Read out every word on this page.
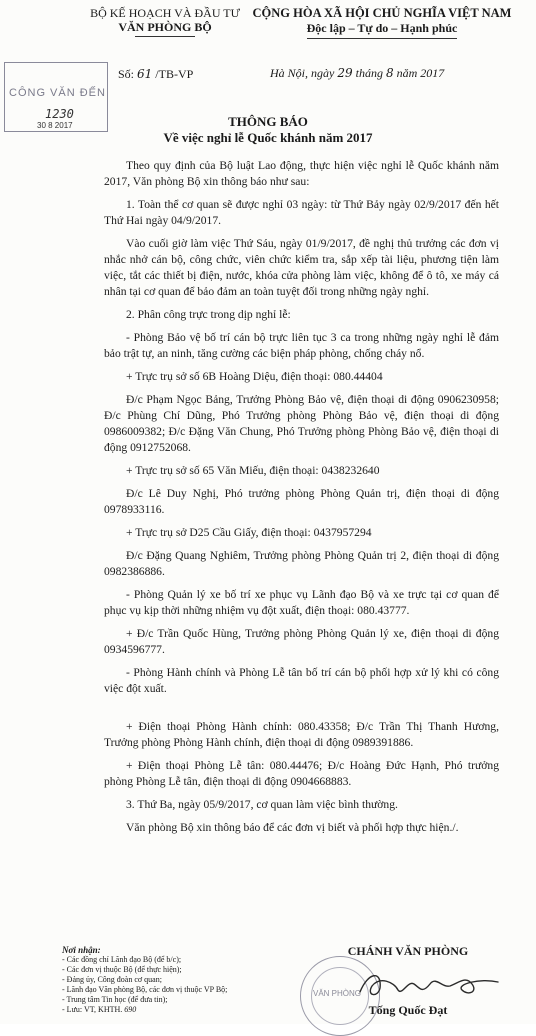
BỘ KẾ HOẠCH VÀ ĐẦU TƯ
VĂN PHÒNG BỘ
CỘNG HÒA XÃ HỘI CHỦ NGHĨA VIỆT NAM
Độc lập – Tự do – Hạnh phúc
CÔNG VĂN ĐẾN
1230
30 8 2017
Số: 61 /TB-VP	Hà Nội, ngày 29 tháng 8 năm 2017
THÔNG BÁO
Về việc nghỉ lễ Quốc khánh năm 2017

Theo quy định của Bộ luật Lao động, thực hiện việc nghỉ lễ Quốc khánh năm 2017, Văn phòng Bộ xin thông báo như sau:

1. Toàn thể cơ quan sẽ được nghỉ 03 ngày: từ Thứ Bảy ngày 02/9/2017 đến hết Thứ Hai ngày 04/9/2017.

Vào cuối giờ làm việc Thứ Sáu, ngày 01/9/2017, đề nghị thủ trưởng các đơn vị nhắc nhở cán bộ, công chức, viên chức kiểm tra, sắp xếp tài liệu, phương tiện làm việc, tắt các thiết bị điện, nước, khóa cửa phòng làm việc, không để ô tô, xe máy cá nhân tại cơ quan để bảo đảm an toàn tuyệt đối trong những ngày nghỉ.

2. Phân công trực trong dịp nghỉ lễ:

- Phòng Bảo vệ bố trí cán bộ trực liên tục 3 ca trong những ngày nghỉ lễ đảm bảo trật tự, an ninh, tăng cường các biện pháp phòng, chống cháy nổ.

+ Trực trụ sở số 6B Hoàng Diệu, điện thoại: 080.44404

Đ/c Phạm Ngọc Bảng, Trưởng Phòng Bảo vệ, điện thoại di động 0906230958; Đ/c Phùng Chí Dũng, Phó Trưởng phòng Phòng Bảo vệ, điện thoại di động 0986009382; Đ/c Đặng Văn Chung, Phó Trưởng phòng Phòng Bảo vệ, điện thoại di động 0912752068.

+ Trực trụ sở số 65 Văn Miếu, điện thoại: 0438232640

Đ/c Lê Duy Nghị, Phó trưởng phòng Phòng Quản trị, điện thoại di động 0978933116.

+ Trực trụ sở D25 Cầu Giấy, điện thoại: 0437957294

Đ/c Đặng Quang Nghiêm, Trưởng phòng Phòng Quản trị 2, điện thoại di động 0982386886.

- Phòng Quản lý xe bố trí xe phục vụ Lãnh đạo Bộ và xe trực tại cơ quan để phục vụ kịp thời những nhiệm vụ đột xuất, điện thoại: 080.43777.

+ Đ/c Trần Quốc Hùng, Trưởng phòng Phòng Quản lý xe, điện thoại di động 0934596777.

- Phòng Hành chính và Phòng Lễ tân bố trí cán bộ phối hợp xử lý khi có công việc đột xuất.

+ Điện thoại Phòng Hành chính: 080.43358; Đ/c Trần Thị Thanh Hương, Trưởng phòng Phòng Hành chính, điện thoại di động 0989391886.

+ Điện thoại Phòng Lễ tân: 080.44476; Đ/c Hoàng Đức Hạnh, Phó trưởng phòng Phòng Lễ tân, điện thoại di động 0904668883.

3. Thứ Ba, ngày 05/9/2017, cơ quan làm việc bình thường.

Văn phòng Bộ xin thông báo để các đơn vị biết và phối hợp thực hiện./.

Nơi nhận:
- Các đồng chí Lãnh đạo Bộ (để b/c);
- Các đơn vị thuộc Bộ (để thực hiện);
- Đảng ủy, Công đoàn cơ quan;
- Lãnh đạo Văn phòng Bộ, các đơn vị thuộc VP Bộ;
- Trung tâm Tin học (để đưa tin);
- Lưu: VT, KHTH. 690
CHÁNH VĂN PHÒNG
VĂN PHÒNG
Tống Quốc Đạt
